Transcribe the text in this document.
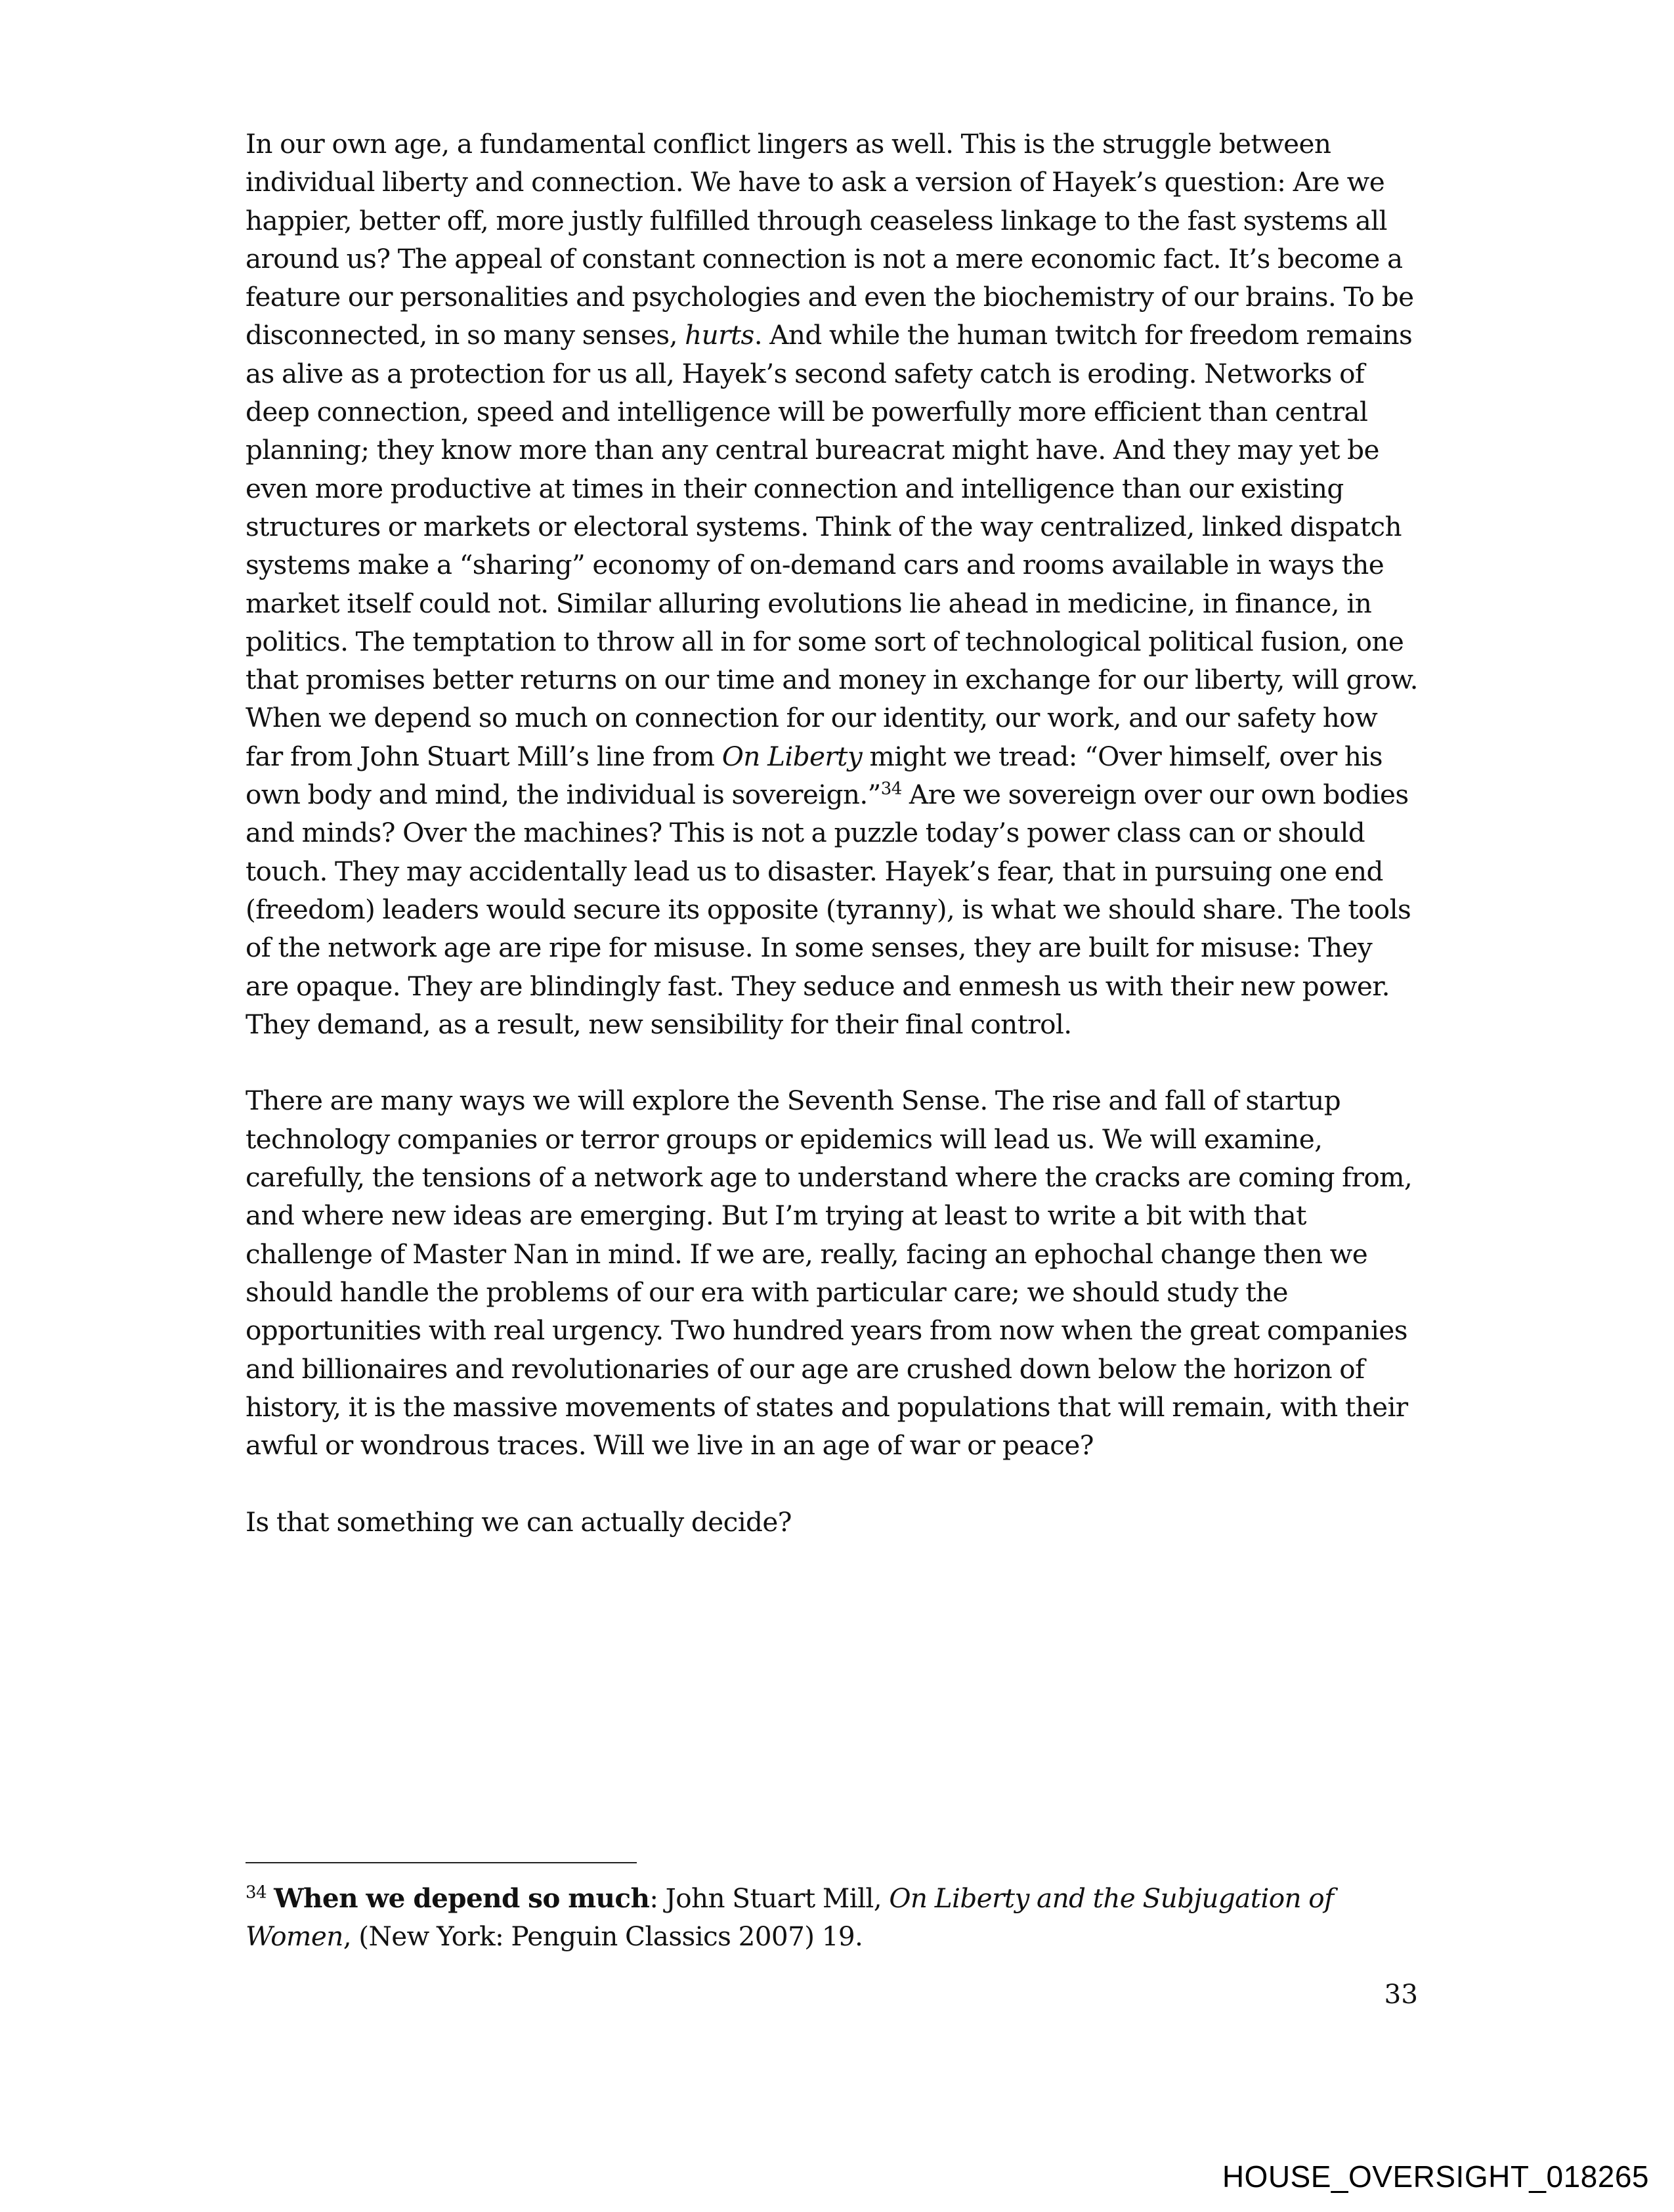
In our own age, a fundamental conflict lingers as well. This is the struggle between individual liberty and connection. We have to ask a version of Hayek’s question: Are we happier, better off, more justly fulfilled through ceaseless linkage to the fast systems all around us? The appeal of constant connection is not a mere economic fact. It’s become a feature our personalities and psychologies and even the biochemistry of our brains. To be disconnected, in so many senses, hurts. And while the human twitch for freedom remains as alive as a protection for us all, Hayek’s second safety catch is eroding. Networks of deep connection, speed and intelligence will be powerfully more efficient than central planning; they know more than any central bureacrat might have. And they may yet be even more productive at times in their connection and intelligence than our existing structures or markets or electoral systems. Think of the way centralized, linked dispatch systems make a “sharing” economy of on-demand cars and rooms available in ways the market itself could not. Similar alluring evolutions lie ahead in medicine, in finance, in politics. The temptation to throw all in for some sort of technological political fusion, one that promises better returns on our time and money in exchange for our liberty, will grow. When we depend so much on connection for our identity, our work, and our safety how far from John Stuart Mill’s line from On Liberty might we tread: “Over himself, over his own body and mind, the individual is sovereign.”$^{34}$ Are we sovereign over our own bodies and minds? Over the machines? This is not a puzzle today’s power class can or should touch. They may accidentally lead us to disaster. Hayek’s fear, that in pursuing one end (freedom) leaders would secure its opposite (tyranny), is what we should share. The tools of the network age are ripe for misuse. In some senses, they are built for misuse: They are opaque. They are blindingly fast. They seduce and enmesh us with their new power. They demand, as a result, new sensibility for their final control.

There are many ways we will explore the Seventh Sense. The rise and fall of startup technology companies or terror groups or epidemics will lead us. We will examine, carefully, the tensions of a network age to understand where the cracks are coming from, and where new ideas are emerging. But I’m trying at least to write a bit with that challenge of Master Nan in mind. If we are, really, facing an ephochal change then we should handle the problems of our era with particular care; we should study the opportunities with real urgency. Two hundred years from now when the great companies and billionaires and revolutionaries of our age are crushed down below the horizon of history, it is the massive movements of states and populations that will remain, with their awful or wondrous traces. Will we live in an age of war or peace?

Is that something we can actually decide?

$^{34}$ When we depend so much: John Stuart Mill, On Liberty and the Subjugation of Women, (New York: Penguin Classics 2007) 19.
33
HOUSE_OVERSIGHT_018265
